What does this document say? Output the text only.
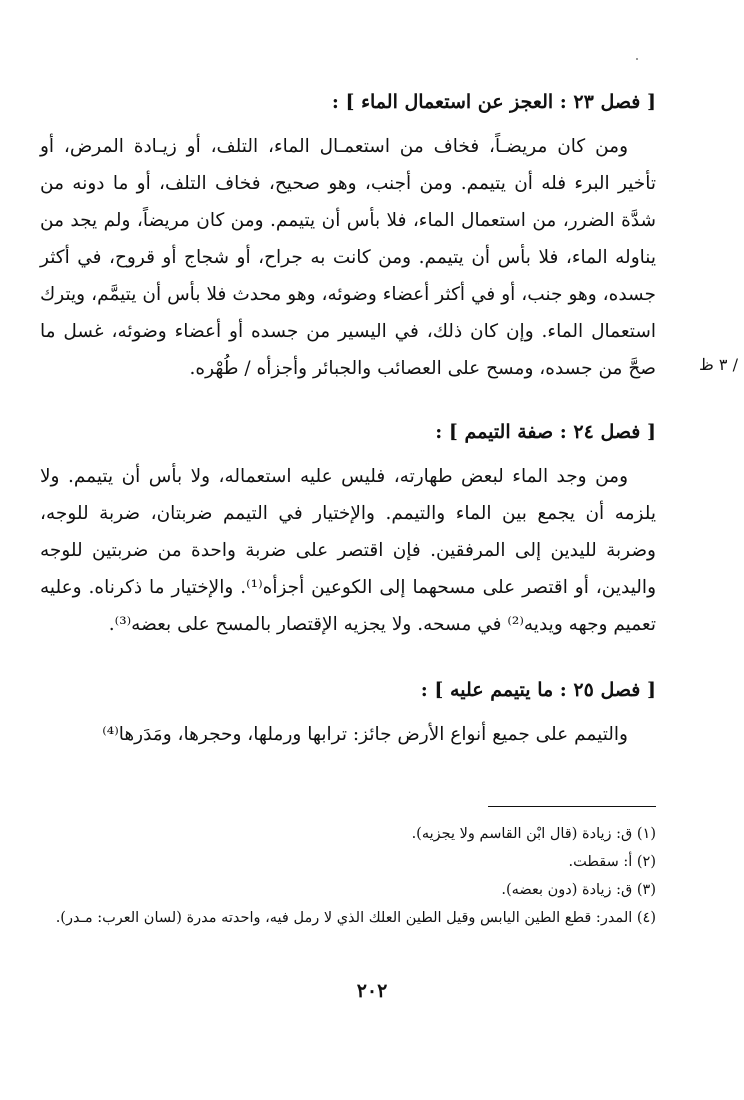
[ فصل ٢٣ : العجز عن استعمال الماء ] :
ومن كان مريضـاً، فخاف من استعمـال الماء، التلف، أو زيـادة المرض، أو تأخير البرء فله أن يتيمم. ومن أجنب، وهو صحيح، فخاف التلف، أو ما دونه من شدَّة الضرر، من استعمال الماء، فلا بأس أن يتيمم. ومن كان مريضاً، ولم يجد من يناوله الماء، فلا بأس أن يتيمم. ومن كانت به جراح، أو شجاج أو قروح، في أكثر جسده، وهو جنب، أو في أكثر أعضاء وضوئه، وهو محدث فلا بأس أن يتيمَّم، ويترك استعمال الماء. وإن كان ذلك، في اليسير من جسده أو أعضاء وضوئه، غسل ما صحَّ من جسده، ومسح على العصائب والجبائر وأجزأه / طُهْره.
[ فصل ٢٤ : صفة التيمم ] :
ومن وجد الماء لبعض طهارته، فليس عليه استعماله، ولا بأس أن يتيمم. ولا يلزمه أن يجمع بين الماء والتيمم. والإختيار في التيمم ضربتان، ضربة للوجه، وضربة لليدين إلى المرفقين. فإن اقتصر على ضربة واحدة من ضربتين للوجه واليدين، أو اقتصر على مسحهما إلى الكوعين أجزأه⁽¹⁾. والإختيار ما ذكرناه. وعليه تعميم وجهه ويديه⁽²⁾ في مسحه. ولا يجزيه الإقتصار بالمسح على بعضه⁽³⁾.
[ فصل ٢٥ : ما يتيمم عليه ] :
والتيمم على جميع أنواع الأرض جائز: ترابها ورملها، وحجرها، ومَدَرها⁽⁴⁾
/ ٣ ظ
(١) ق: زيادة (قال ابْن القاسم ولا يجزيه).
(٢) أ: سقطت.
(٣) ق: زيادة (دون بعضه).
(٤) المدر: قطع الطين اليابس وقيل الطين العلك الذي لا رمل فيه، واحدته مدرة (لسان العرب: مـدر).
٢٠٢
